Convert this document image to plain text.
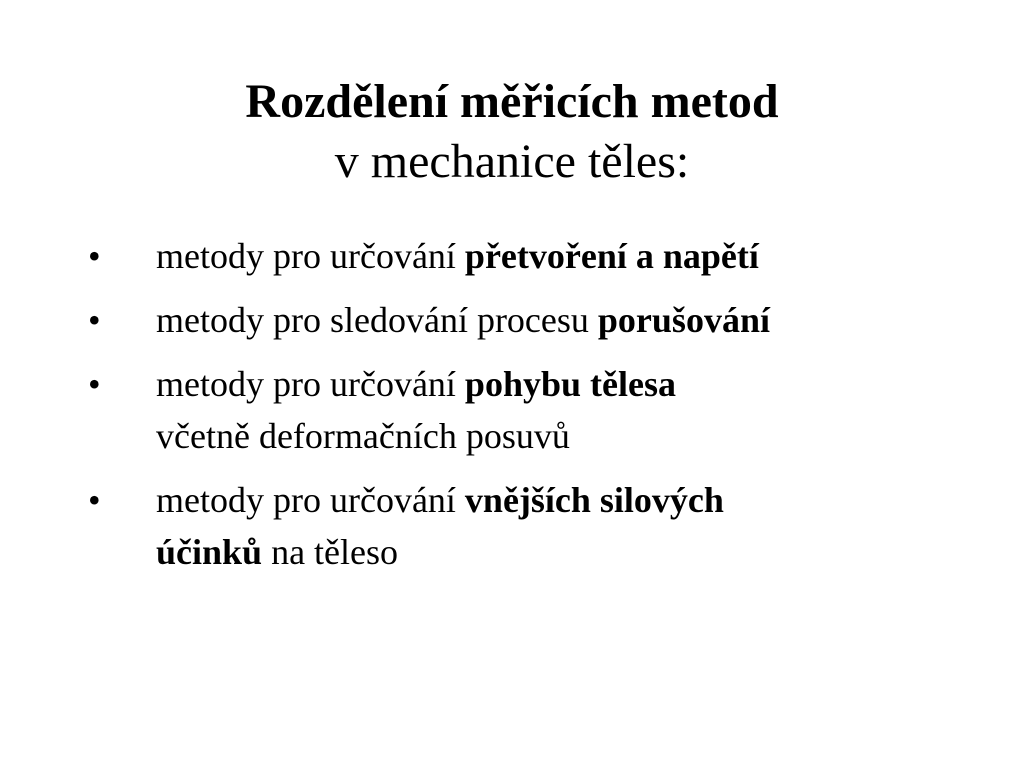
Rozdělení měřicích metod
v mechanice těles:
• metody pro určování přetvoření a napětí
• metody pro sledování procesu porušování
• metody pro určování pohybu tělesa
včetně deformačních posuvů
• metody pro určování vnějších silových
účinků na těleso
